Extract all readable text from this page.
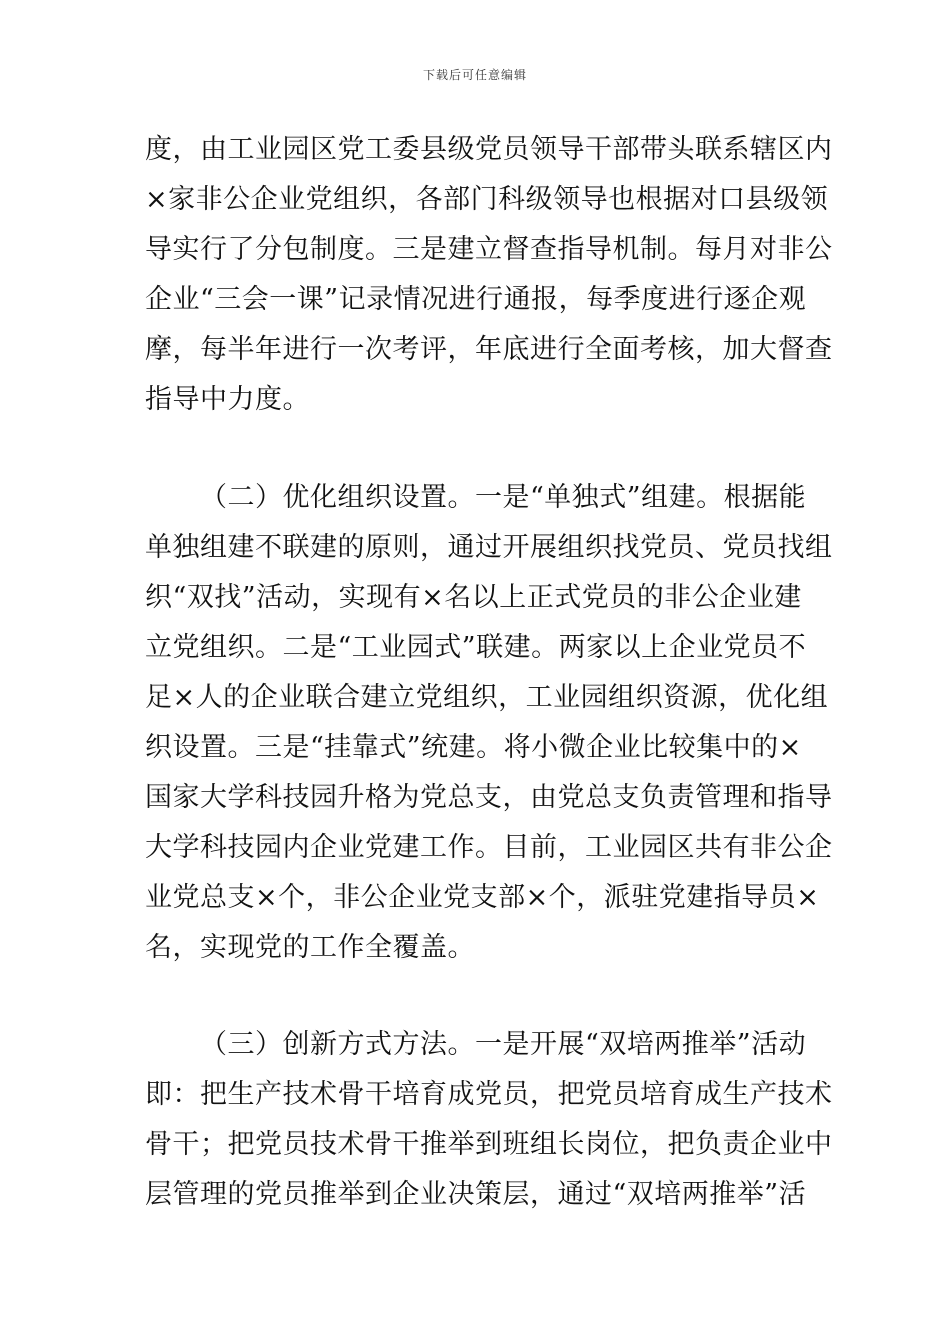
下载后可任意编辑
度，由工业园区党工委县级党员领导干部带头联系辖区内
×家非公企业党组织，各部门科级领导也根据对口县级领
导实行了分包制度。三是建立督查指导机制。每月对非公
企业“三会一课”记录情况进行通报，每季度进行逐企观
摩，每半年进行一次考评，年底进行全面考核，加大督查
指导中力度。
（二）优化组织设置。一是“单独式”组建。根据能
单独组建不联建的原则，通过开展组织找党员、党员找组
织“双找”活动，实现有×名以上正式党员的非公企业建
立党组织。二是“工业园式”联建。两家以上企业党员不
足×人的企业联合建立党组织，工业园组织资源，优化组
织设置。三是“挂靠式”统建。将小微企业比较集中的×
国家大学科技园升格为党总支，由党总支负责管理和指导
大学科技园内企业党建工作。目前，工业园区共有非公企
业党总支×个，非公企业党支部×个，派驻党建指导员×
名，实现党的工作全覆盖。
（三）创新方式方法。一是开展“双培两推举”活动
即：把生产技术骨干培育成党员，把党员培育成生产技术
骨干；把党员技术骨干推举到班组长岗位，把负责企业中
层管理的党员推举到企业决策层，通过“双培两推举”活
